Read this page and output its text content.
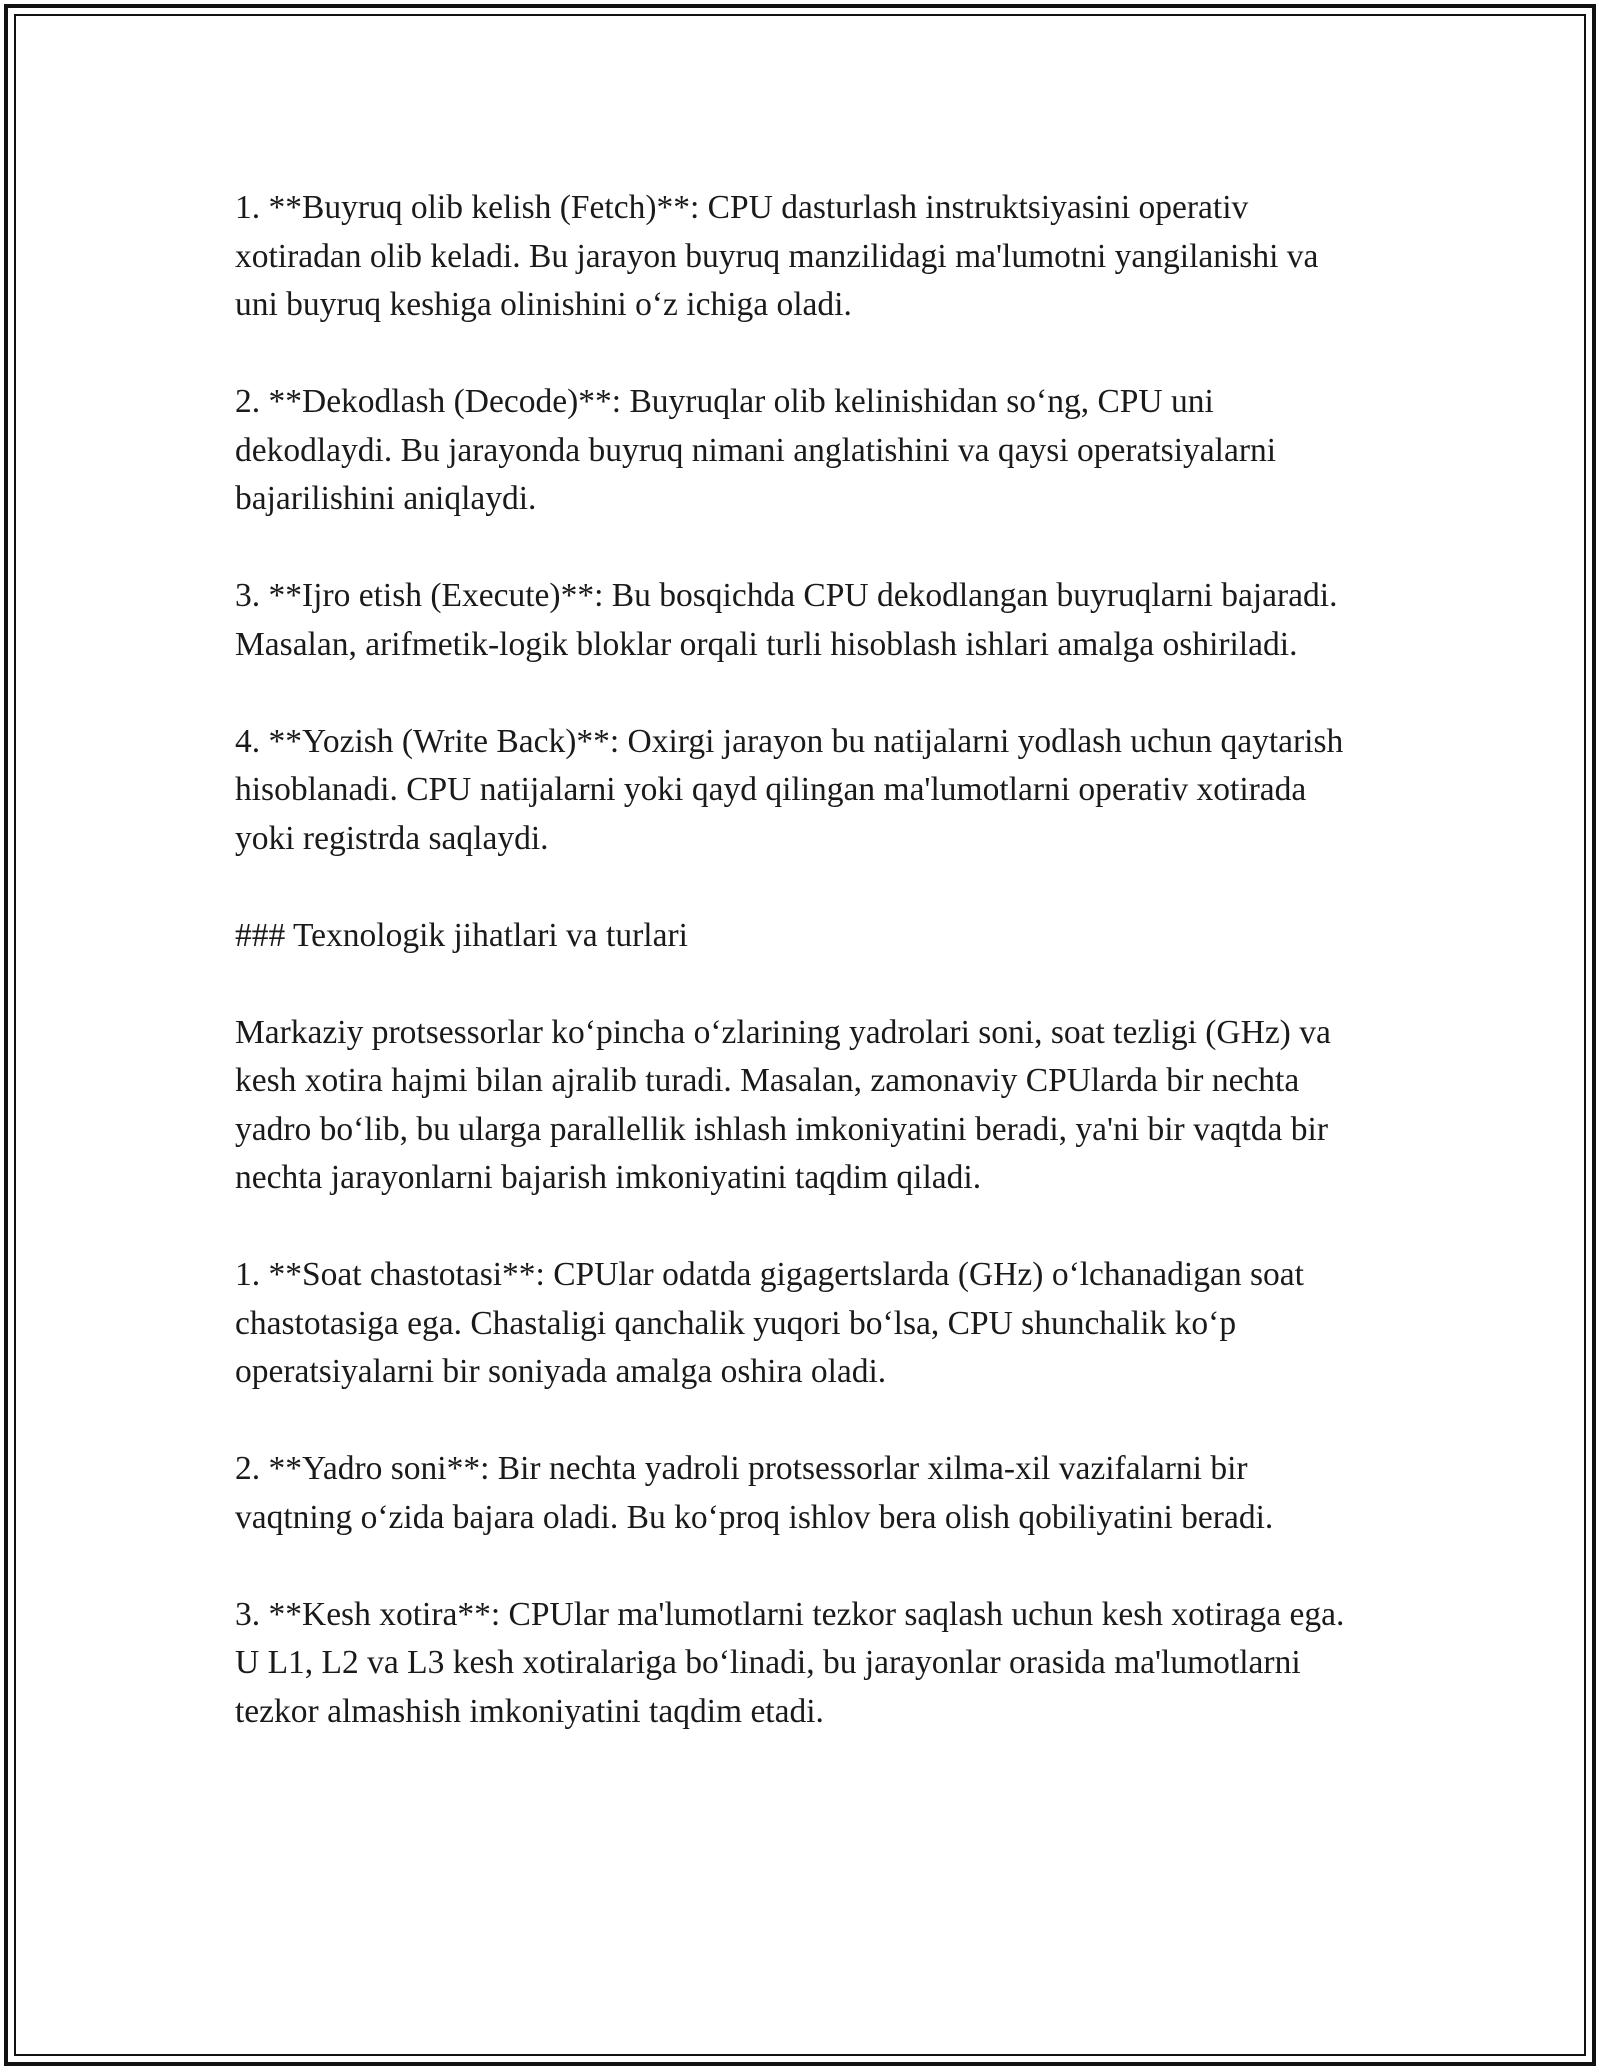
1. **Buyruq olib kelish (Fetch)**: CPU dasturlash instruktsiyasini operativ xotiradan olib keladi. Bu jarayon buyruq manzilidagi ma'lumotni yangilanishi va uni buyruq keshiga olinishini o‘z ichiga oladi.

2. **Dekodlash (Decode)**: Buyruqlar olib kelinishidan so‘ng, CPU uni dekodlaydi. Bu jarayonda buyruq nimani anglatishini va qaysi operatsiyalarni bajarilishini aniqlaydi.

3. **Ijro etish (Execute)**: Bu bosqichda CPU dekodlangan buyruqlarni bajaradi. Masalan, arifmetik-logik bloklar orqali turli hisoblash ishlari amalga oshiriladi.

4. **Yozish (Write Back)**: Oxirgi jarayon bu natijalarni yodlash uchun qaytarish hisoblanadi. CPU natijalarni yoki qayd qilingan ma'lumotlarni operativ xotirada yoki registrda saqlaydi.

### Texnologik jihatlari va turlari

Markaziy protsessorlar ko‘pincha o‘zlarining yadrolari soni, soat tezligi (GHz) va kesh xotira hajmi bilan ajralib turadi. Masalan, zamonaviy CPUlarda bir nechta yadro bo‘lib, bu ularga parallellik ishlash imkoniyatini beradi, ya'ni bir vaqtda bir nechta jarayonlarni bajarish imkoniyatini taqdim qiladi.

1. **Soat chastotasi**: CPUlar odatda gigagertslarda (GHz) o‘lchanadigan soat chastotasiga ega. Chastaligi qanchalik yuqori bo‘lsa, CPU shunchalik ko‘p operatsiyalarni bir soniyada amalga oshira oladi.

2. **Yadro soni**: Bir nechta yadroli protsessorlar xilma-xil vazifalarni bir vaqtning o‘zida bajara oladi. Bu ko‘proq ishlov bera olish qobiliyatini beradi.

3. **Kesh xotira**: CPUlar ma'lumotlarni tezkor saqlash uchun kesh xotiraga ega. U L1, L2 va L3 kesh xotiralariga bo‘linadi, bu jarayonlar orasida ma'lumotlarni tezkor almashish imkoniyatini taqdim etadi.
